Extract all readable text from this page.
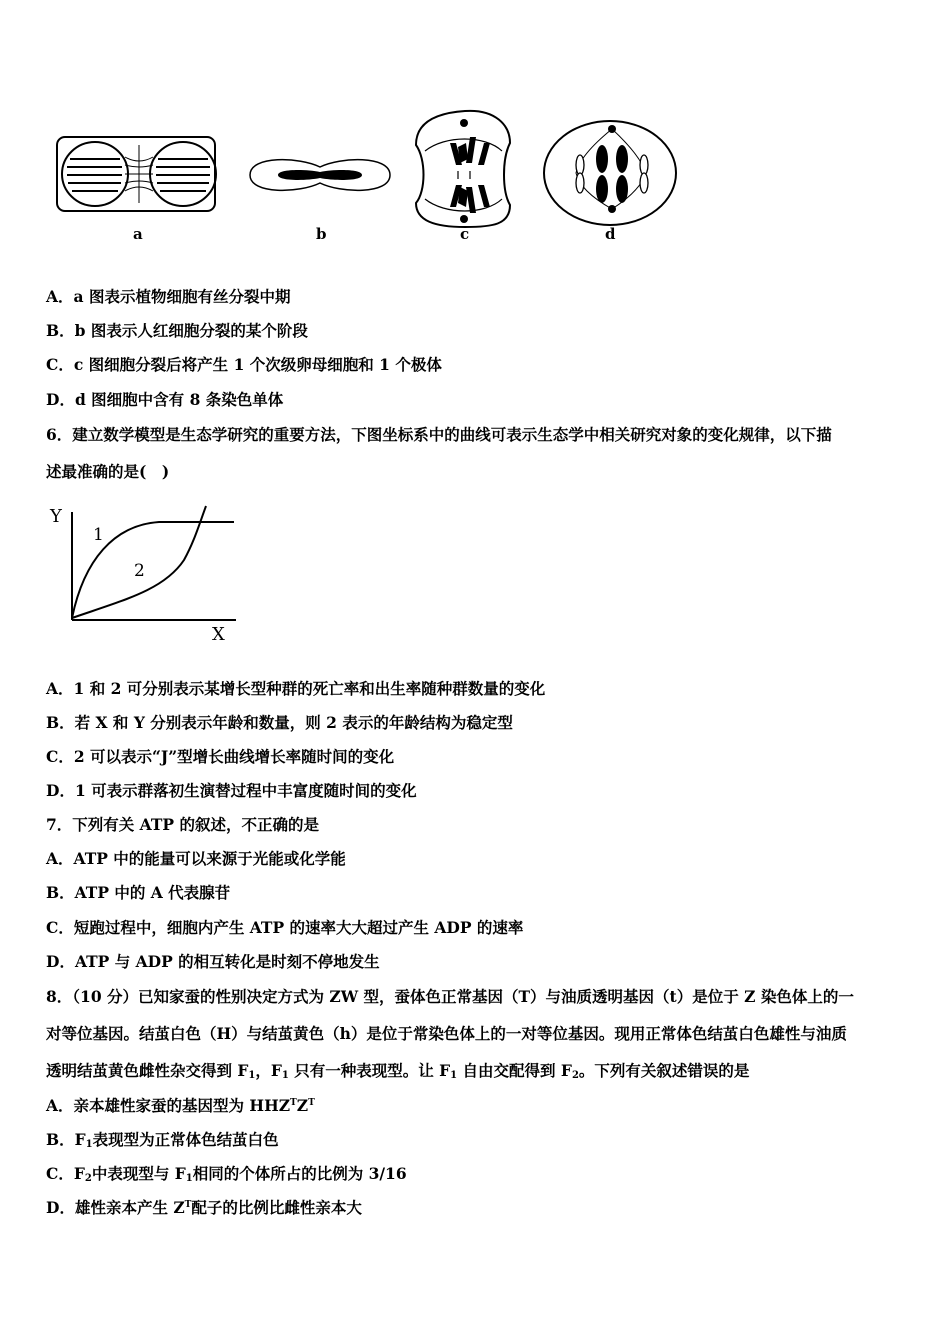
a	b	c	d
A．a 图表示植物细胞有丝分裂中期
B．b 图表示人红细胞分裂的某个阶段
C．c 图细胞分裂后将产生 1 个次级卵母细胞和 1 个极体
D．d 图细胞中含有 8 条染色单体
6．建立数学模型是生态学研究的重要方法，下图坐标系中的曲线可表示生态学中相关研究对象的变化规律，以下描
述最准确的是(　)
Y
X
1
2
A．1 和 2 可分别表示某增长型种群的死亡率和出生率随种群数量的变化
B．若 X 和 Y 分别表示年龄和数量，则 2 表示的年龄结构为稳定型
C．2 可以表示“J”型增长曲线增长率随时间的变化
D．1 可表示群落初生演替过程中丰富度随时间的变化
7．下列有关 ATP 的叙述，不正确的是
A．ATP 中的能量可以来源于光能或化学能
B．ATP 中的 A 代表腺苷
C．短跑过程中，细胞内产生 ATP 的速率大大超过产生 ADP 的速率
D．ATP 与 ADP 的相互转化是时刻不停地发生
8．（10 分）已知家蚕的性别决定方式为 ZW 型，蚕体色正常基因（T）与油质透明基因（t）是位于 Z 染色体上的一
对等位基因。结茧白色（H）与结茧黄色（h）是位于常染色体上的一对等位基因。现用正常体色结茧白色雄性与油质
透明结茧黄色雌性杂交得到 $F_1$，$F_1$ 只有一种表现型。让 $F_1$ 自由交配得到 $F_2$。下列有关叙述错误的是
A．亲本雄性家蚕的基因型为 $HHZ^TZ^T$
B．$F_1$表现型为正常体色结茧白色
C．$F_2$中表现型与 $F_1$相同的个体所占的比例为 3/16
D．雄性亲本产生 $Z^T$配子的比例比雌性亲本大
